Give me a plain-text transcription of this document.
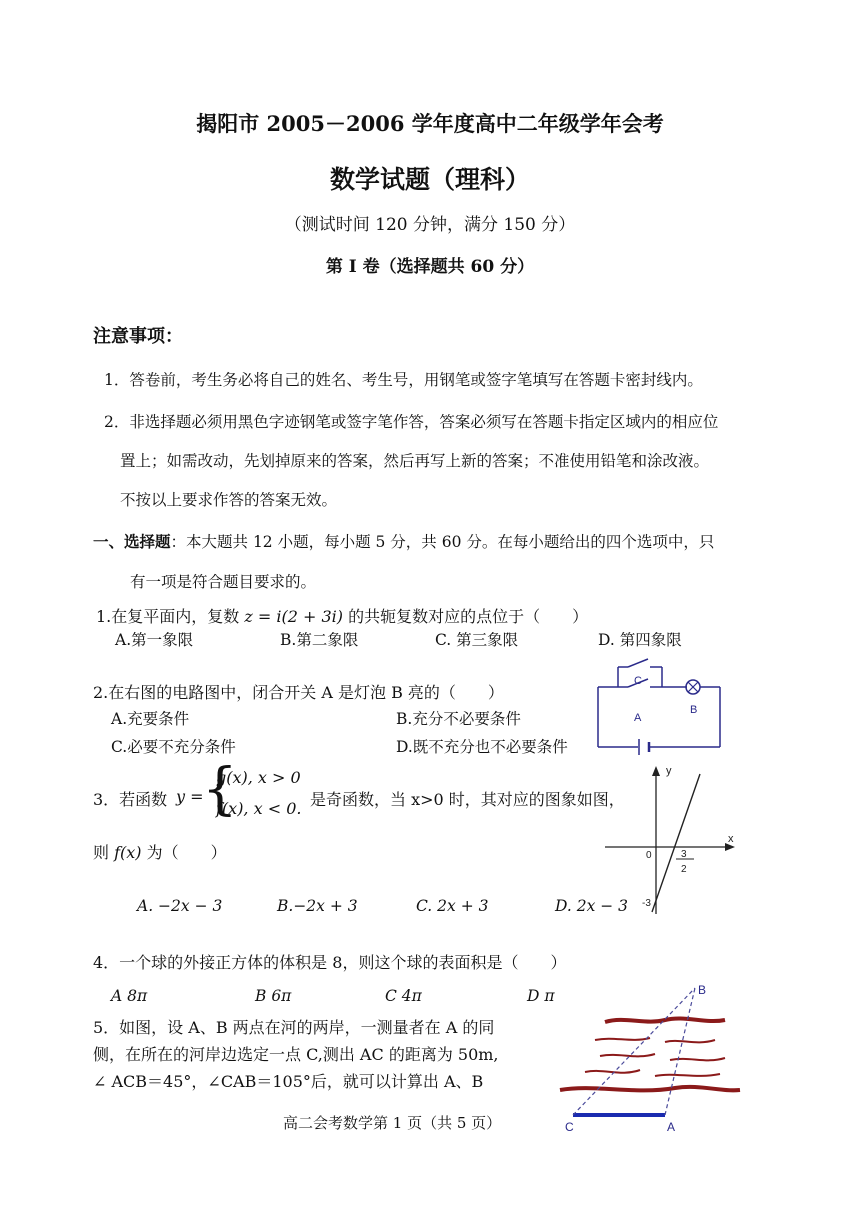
揭阳市 2005－2006 学年度高中二年级学年会考
数学试题（理科）
（测试时间 120 分钟，满分 150 分）
第 I 卷（选择题共 60 分）
注意事项：
1．答卷前，考生务必将自己的姓名、考生号，用钢笔或签字笔填写在答题卡密封线内。
2．非选择题必须用黑色字迹钢笔或签字笔作答，答案必须写在答题卡指定区域内的相应位
置上；如需改动，先划掉原来的答案，然后再写上新的答案；不准使用铅笔和涂改液。
不按以上要求作答的答案无效。
一、选择题：本大题共 12 小题，每小题 5 分，共 60 分。在每小题给出的四个选项中，只
有一项是符合题目要求的。
1.在复平面内，复数 z = i(2 + 3i) 的共轭复数对应的点位于（　　）
A.第一象限	B.第二象限	C. 第三象限	D. 第四象限
2.在右图的电路图中，闭合开关 A 是灯泡 B 亮的（　　）
A.充要条件	B.充分不必要条件
C.必要不充分条件	D.既不充分也不必要条件
C
A
B
3．若函数 y =
{
g(x), x > 0
f(x), x < 0. 是奇函数，当 x>0 时，其对应的图象如图，
则 f(x) 为（　　）
A. −2x − 3	B.−2x + 3	C. 2x + 3	D. 2x − 3
y
x
0	3
2
-3
4．一个球的外接正方体的体积是 8，则这个球的表面积是（　　）
A 8π	B 6π	C 4π	D π
5．如图，设 A、B 两点在河的两岸，一测量者在 A 的同
侧，在所在的河岸边选定一点 C,测出 AC 的距离为 50m,
∠ ACB＝45°，∠CAB＝105°后，就可以计算出 A、B
B
C	A
高二会考数学第 1 页（共 5 页）
